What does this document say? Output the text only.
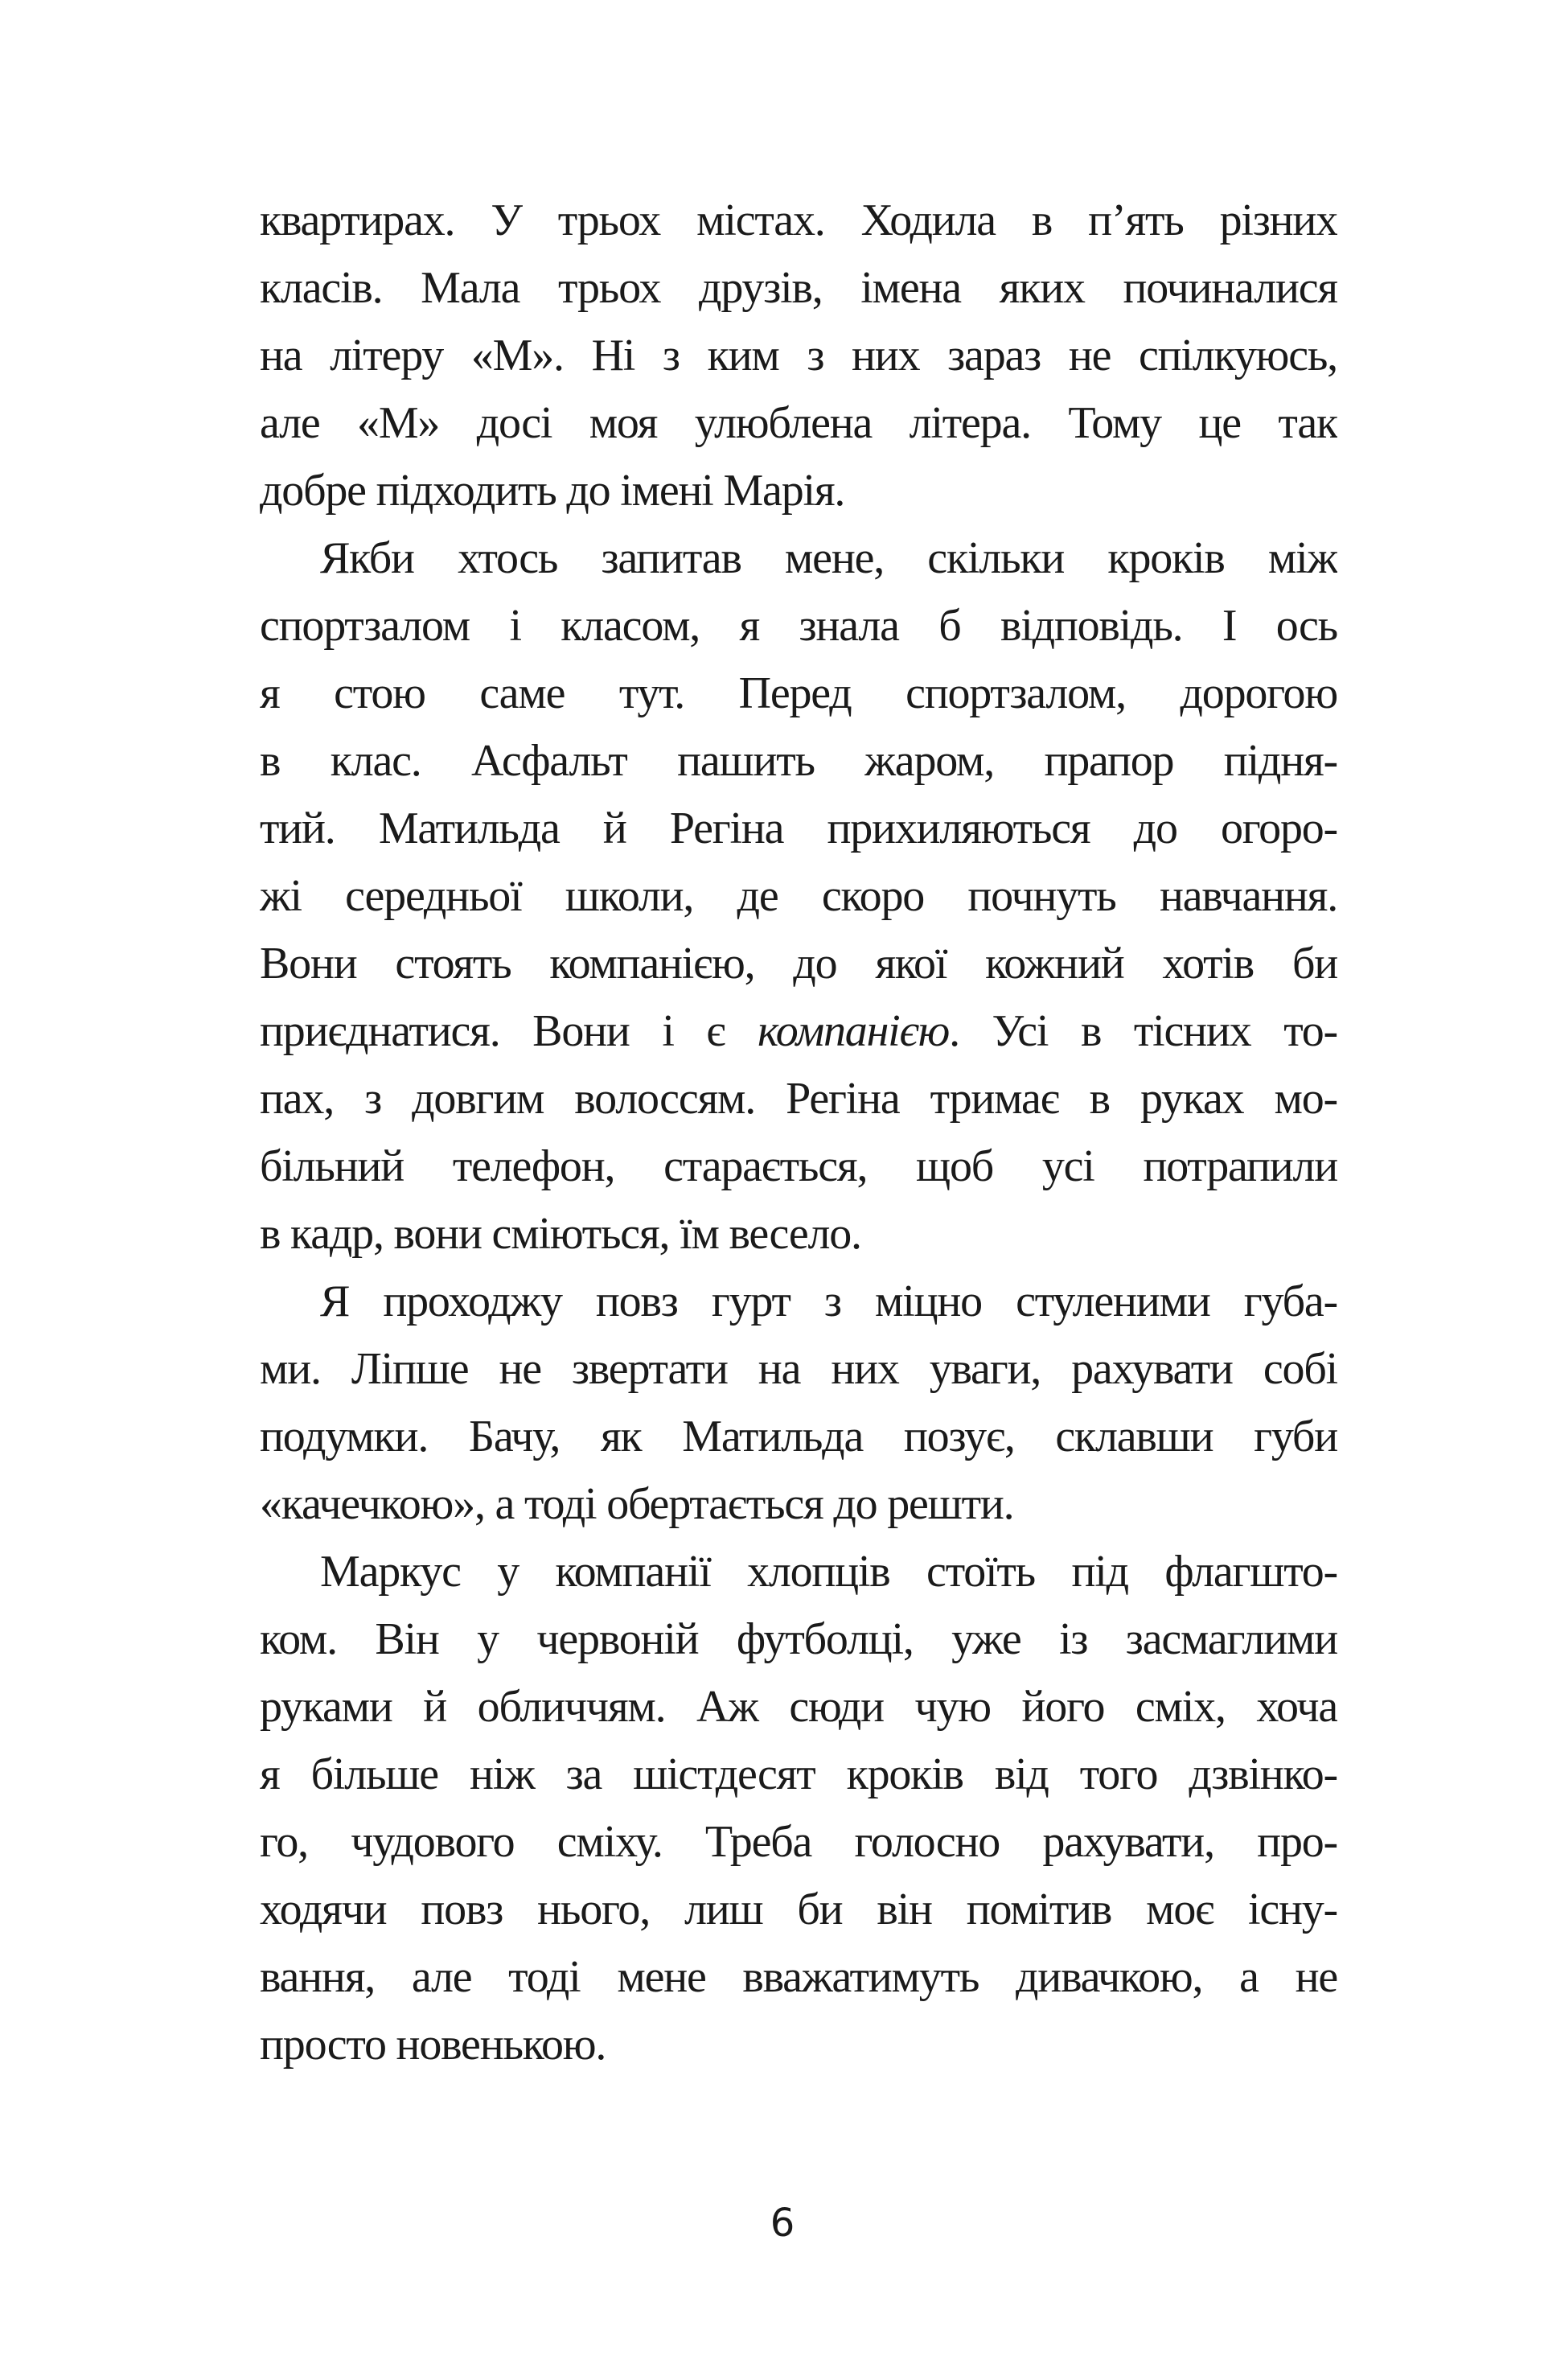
квартирах. У трьох містах. Ходила в п’ять різних
класів. Мала трьох друзів, імена яких починалися
на літеру «М». Ні з ким з них зараз не спілкуюсь,
але «М» досі моя улюблена літера. Тому це так
добре підходить до імені Марія.
Якби хтось запитав мене, скільки кроків між
спортзалом і класом, я знала б відповідь. І ось
я стою саме тут. Перед спортзалом, дорогою
в клас. Асфальт пашить жаром, прапор підня-
тий. Матильда й Регіна прихиляються до огоро-
жі середньої школи, де скоро почнуть навчання.
Вони стоять компанією, до якої кожний хотів би
приєднатися. Вони і є компанією. Усі в тісних то-
пах, з довгим волоссям. Регіна тримає в руках мо-
більний телефон, старається, щоб усі потрапили
в кадр, вони сміються, їм весело.
Я проходжу повз гурт з міцно стуленими губа-
ми. Ліпше не звертати на них уваги, рахувати собі
подумки. Бачу, як Матильда позує, склавши губи
«качечкою», а тоді обертається до решти.
Маркус у компанії хлопців стоїть під флагшто-
ком. Він у червоній футболці, уже із засмаглими
руками й обличчям. Аж сюди чую його сміх, хоча
я більше ніж за шістдесят кроків від того дзвінко-
го, чудового сміху. Треба голосно рахувати, про-
ходячи повз нього, лиш би він помітив моє існу-
вання, але тоді мене вважатимуть дивачкою, а не
просто новенькою.
6
